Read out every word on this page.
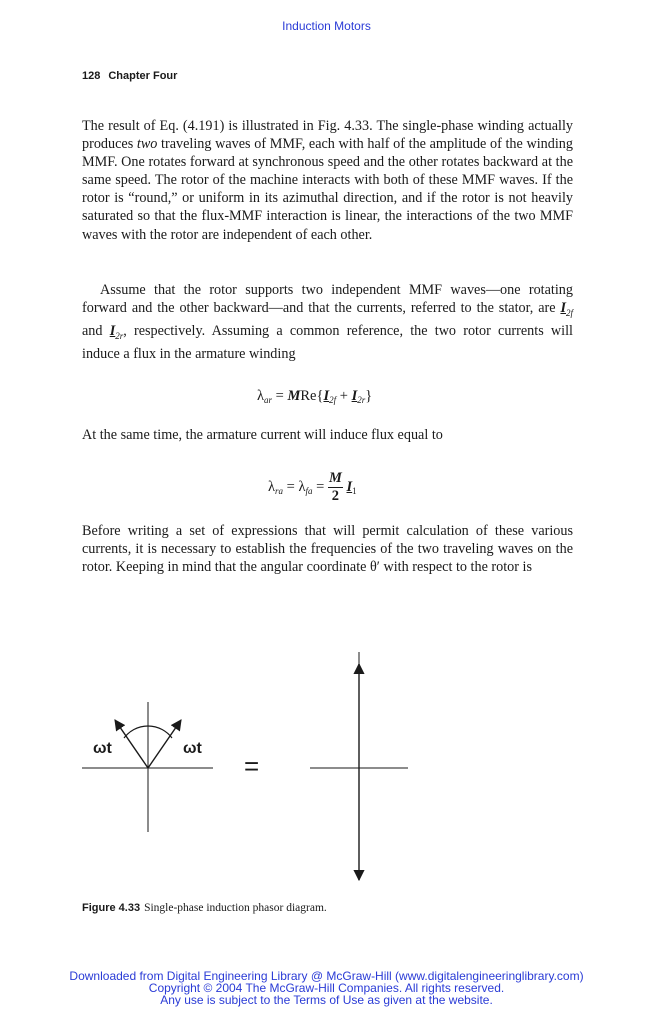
Induction Motors
128 Chapter Four

The result of Eq. (4.191) is illustrated in Fig. 4.33. The single-phase winding actually produces two traveling waves of MMF, each with half of the amplitude of the winding MMF. One rotates forward at synchronous speed and the other rotates backward at the same speed. The rotor of the machine interacts with both of these MMF waves. If the rotor is “round,” or uniform in its azimuthal direction, and if the rotor is not heavily saturated so that the flux-MMF interaction is linear, the interactions of the two MMF waves with the rotor are independent of each other.

Assume that the rotor supports two independent MMF waves—one rotating forward and the other backward—and that the currents, referred to the stator, are $I_{2f}$ and $I_{2r}$, respectively. Assuming a common reference, the two rotor currents will induce a flux in the armature winding

$\lambda_{ar} = MRe\{I_{2f} + I_{2r}\}$

At the same time, the armature current will induce flux equal to

$\lambda_{ra} = \lambda_{fa} = \frac{M}{2} I_1$

Before writing a set of expressions that will permit calculation of these various currents, it is necessary to establish the frequencies of the two traveling waves on the rotor. Keeping in mind that the angular coordinate θ′ with respect to the rotor is

ωt	ωt
=
Figure 4.33 Single-phase induction phasor diagram.
Downloaded from Digital Engineering Library @ McGraw-Hill (www.digitalengineeringlibrary.com)
Copyright © 2004 The McGraw-Hill Companies. All rights reserved.
Any use is subject to the Terms of Use as given at the website.
